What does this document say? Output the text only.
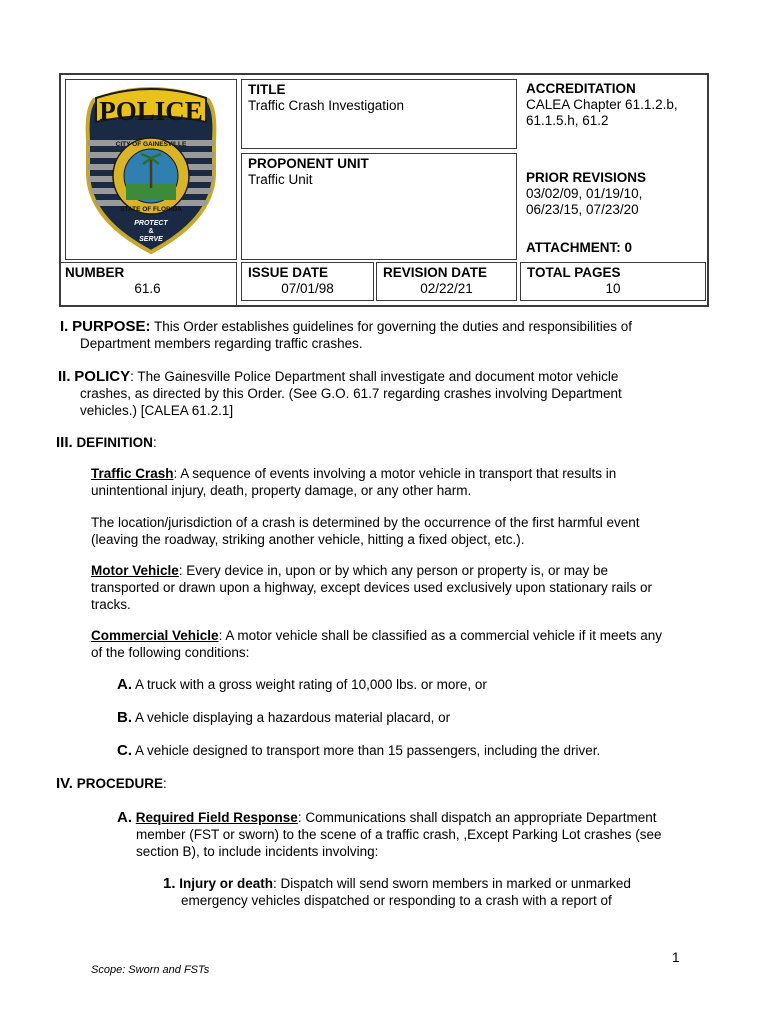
POLICE
CITY OF GAINESVILLE
STATE OF FLORIDA
PROTECT
&
SERVE
TITLE
Traffic Crash Investigation
PROPONENT UNIT
Traffic Unit
ACCREDITATION
CALEA Chapter 61.1.2.b,
61.1.5.h, 61.2
PRIOR REVISIONS
03/02/09, 01/19/10,
06/23/15, 07/23/20
ATTACHMENT: 0
NUMBER
61.6
ISSUE DATE
07/01/98
REVISION DATE
02/22/21
TOTAL PAGES
10
I. PURPOSE: This Order establishes guidelines for governing the duties and responsibilities of
Department members regarding traffic crashes.
II. POLICY: The Gainesville Police Department shall investigate and document motor vehicle
crashes, as directed by this Order. (See G.O. 61.7 regarding crashes involving Department
vehicles.) [CALEA 61.2.1]
III. DEFINITION:
Traffic Crash: A sequence of events involving a motor vehicle in transport that results in
unintentional injury, death, property damage, or any other harm.
The location/jurisdiction of a crash is determined by the occurrence of the first harmful event
(leaving the roadway, striking another vehicle, hitting a fixed object, etc.).
Motor Vehicle: Every device in, upon or by which any person or property is, or may be
transported or drawn upon a highway, except devices used exclusively upon stationary rails or
tracks.
Commercial Vehicle: A motor vehicle shall be classified as a commercial vehicle if it meets any
of the following conditions:
A. A truck with a gross weight rating of 10,000 lbs. or more, or
B. A vehicle displaying a hazardous material placard, or
C. A vehicle designed to transport more than 15 passengers, including the driver.
IV. PROCEDURE:
A. Required Field Response: Communications shall dispatch an appropriate Department
member (FST or sworn) to the scene of a traffic crash, ,Except Parking Lot crashes (see
section B), to include incidents involving:
1. Injury or death: Dispatch will send sworn members in marked or unmarked
emergency vehicles dispatched or responding to a crash with a report of
1
Scope: Sworn and FSTs
